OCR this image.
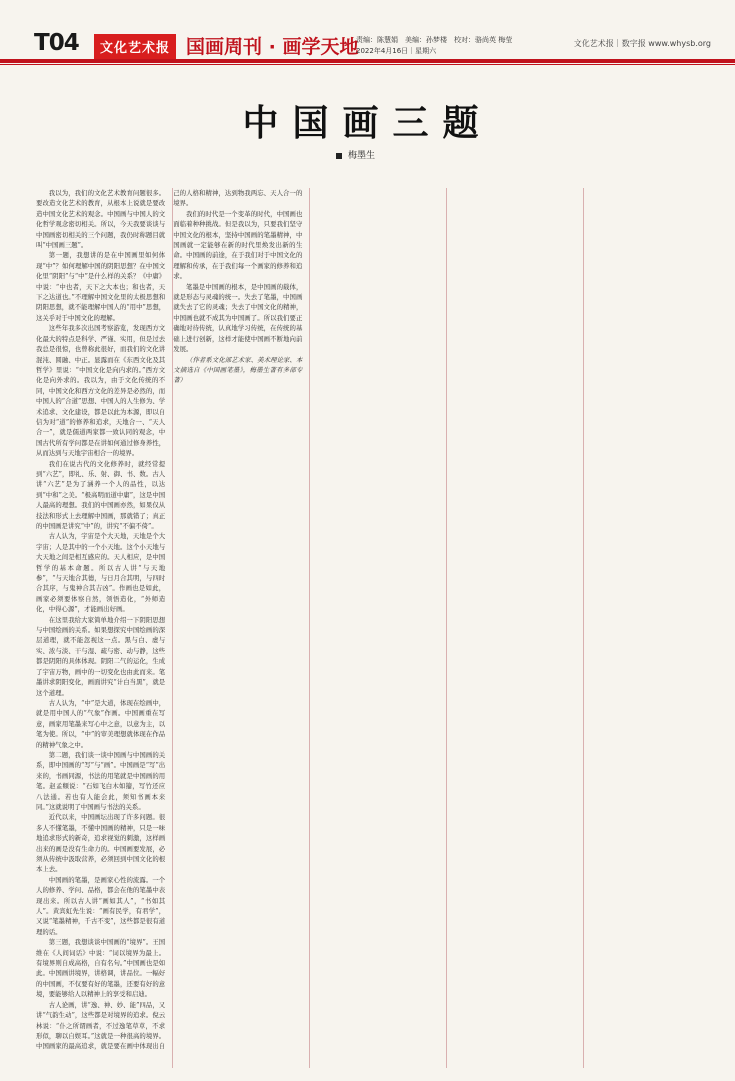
T04	文化艺术报 国画周刊 · 画学天地
责编：陈慧娟　美编：孙梦楼　校对：骆尚英 梅莹
2022年4月16日｜星期六
文化艺术报｜数字报 www.whysb.org
中国画三题
梅墨生

我以为，我们的文化艺术教育问题很多。要改造文化艺术的教育，从根本上说就是要改造中国文化艺术的观念。中国画与中国人的文化哲学观念密切相关。所以，今天我要谈谈与中国画密切相关的三个问题，我仍时称题目就叫“中国画三题”。

第一题，我想讲的是在中国画里如何体现“中”？如何理解中国的阴阳思想？在中国文化里“阴阳”与“中”是什么样的关系？《中庸》中说：“中也者，天下之大本也；和也者，天下之达道也。”不理解中国文化里的太极思想和阴阳思想，就不能理解中国人的“用中”思想，这关乎对于中国文化的理解。

这些年我多次出国考察游览，发现西方文化最大的特点是科学、严谨、实用，但是过去我总是很惊，也曾称此很好，而我们的文化讲混沌、圆融、中正。显露而在《东西文化及其哲学》里说：“中国文化是向内求的。”西方文化是向外求的。我以为，由于文化传统的不同，中国文化和西方文化的差异是必然的，而中国人的“合道”思想、中国人的人生修为、学术追求、文化建设，都是以此为本源，即以自信为对“道”的修养和追求，天地合一、“天人合一”，就是儒道两家都一致认同的观念，中国古代所有学问都是在讲如何通过修身养性，从而达到与天地宇宙相合一的境界。

我们在说古代的文化修养时，就经常提到“六艺”，即礼、乐、射、御、书、数。古人讲“六艺”是为了涵养一个人的品性，以达到“中和”之美。“极高明而道中庸”，这是中国人最高的理想。我们的中国画亦然，如果仅从技法和形式上去理解中国画，那就错了；真正的中国画是讲究“中”的，讲究“不偏不倚”。

古人认为，宇宙是个大天地，天地是个大宇宙；人是其中的一个小天地。这个小天地与大天地之间是相互感应的。天人相应，是中国哲学的基本命题。所以古人讲“与天地参”，“与天地合其德，与日月合其明，与四时合其序，与鬼神合其吉凶”。作画也是如此，画家必须要体察自然，领悟造化，“外师造化，中得心源”，才能画出好画。

在这里我给大家简单地介绍一下阴阳思想与中国绘画的关系。如果想探究中国绘画的深层道理，就不能忽视这一点。黑与白、虚与实、浓与淡、干与湿、疏与密、动与静，这些都是阴阳的具体体现。阴阳二气的运化，生成了宇宙万物，画中的一切变化也由此而来。笔墨讲求阴阳变化，画面讲究“计白当黑”，就是这个道理。

古人认为，“中”是大道，体现在绘画中，就是用中国人的“气象”作画。中国画重在写意，画家用笔墨来写心中之意，以意为主，以笔为使。所以，“中”的审美理想就体现在作品的精神气象之中。

第二题，我们谈一谈中国画与中国画的关系，即中国画的“写”与“画”。中国画是“写”出来的，书画同源，书法的用笔就是中国画的用笔。赵孟頫说：“石如飞白木如籀，写竹还应八法通。若也有人能会此，须知书画本来同。”这就说明了中国画与书法的关系。

近代以来，中国画坛出现了许多问题。很多人不懂笔墨，不懂中国画的精神，只是一味地追求形式的新奇，追求视觉的刺激，这样画出来的画是没有生命力的。中国画要发展，必须从传统中汲取营养，必须回到中国文化的根本上去。

中国画的笔墨，是画家心性的流露。一个人的修养、学问、品格，都会在他的笔墨中表现出来。所以古人讲“画如其人”，“书如其人”。黄宾虹先生说：“画有民学，有君学”，又说“笔墨精神，千古不变”，这些都是很有道理的话。

第三题，我想谈谈中国画的“境界”。王国维在《人间词话》中说：“词以境界为最上。有境界则自成高格，自有名句。”中国画也是如此。中国画讲境界，讲格调，讲品位。一幅好的中国画，不仅要有好的笔墨，还要有好的意境，要能够给人以精神上的享受和启迪。

古人论画，讲“逸、神、妙、能”四品，又讲“气韵生动”，这些都是对境界的追求。倪云林说：“仆之所谓画者，不过逸笔草草，不求形似，聊以自娱耳。”这就是一种很高的境界。中国画家的最高追求，就是要在画中体现出自己的人格和精神，达到物我两忘、天人合一的境界。

我们的时代是一个变革的时代，中国画也面临着种种挑战。但是我以为，只要我们坚守中国文化的根本，坚持中国画的笔墨精神，中国画就一定能够在新的时代里焕发出新的生命。中国画的前途，在于我们对于中国文化的理解和传承，在于我们每一个画家的修养和追求。

笔墨是中国画的根本，是中国画的载体，就是形态与灵魂的统一。失去了笔墨，中国画就失去了它的灵魂；失去了中国文化的精神，中国画也就不成其为中国画了。所以我们要正确地对待传统，认真地学习传统，在传统的基础上进行创新，这样才能使中国画不断地向前发展。

（作者系文化部艺术家、美术理论家、本文摘选自《中国画笔墨》，梅墨生著有多部专著）
